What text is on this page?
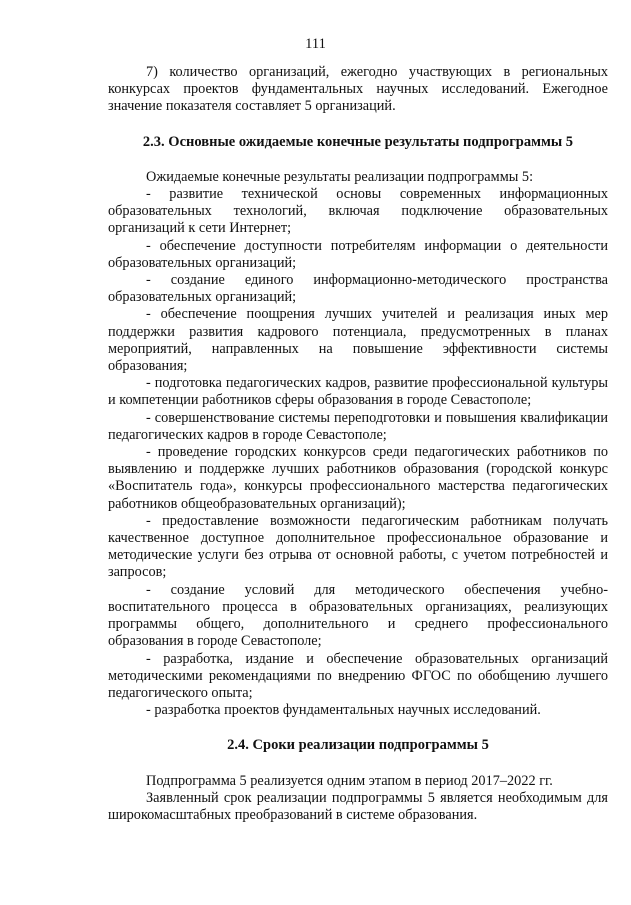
111

7) количество организаций, ежегодно участвующих в региональных конкурсах проектов фундаментальных научных исследований. Ежегодное значение показателя составляет 5 организаций.

2.3. Основные ожидаемые конечные результаты подпрограммы 5

Ожидаемые конечные результаты реализации подпрограммы 5:

- развитие технической основы современных информационных образовательных технологий, включая подключение образовательных организаций к сети Интернет;

- обеспечение доступности потребителям информации о деятельности образовательных организаций;

- создание единого информационно-методического пространства образовательных организаций;

- обеспечение поощрения лучших учителей и реализация иных мер поддержки развития кадрового потенциала, предусмотренных в планах мероприятий, направленных на повышение эффективности системы образования;

- подготовка педагогических кадров, развитие профессиональной культуры и компетенции работников сферы образования в городе Севастополе;

- совершенствование системы переподготовки и повышения квалификации педагогических кадров в городе Севастополе;

- проведение городских конкурсов среди педагогических работников по выявлению и поддержке лучших работников образования (городской конкурс «Воспитатель года», конкурсы профессионального мастерства педагогических работников общеобразовательных организаций);

- предоставление возможности педагогическим работникам получать качественное доступное дополнительное профессиональное образование и методические услуги без отрыва от основной работы, с учетом потребностей и запросов;

- создание условий для методического обеспечения учебно-воспитательного процесса в образовательных организациях, реализующих программы общего, дополнительного и среднего профессионального образования в городе Севастополе;

- разработка, издание и обеспечение образовательных организаций методическими рекомендациями по внедрению ФГОС по обобщению лучшего педагогического опыта;

- разработка проектов фундаментальных научных исследований.

2.4. Сроки реализации подпрограммы 5

Подпрограмма 5 реализуется одним этапом в период 2017–2022 гг.

Заявленный срок реализации подпрограммы 5 является необходимым для широкомасштабных преобразований в системе образования.
